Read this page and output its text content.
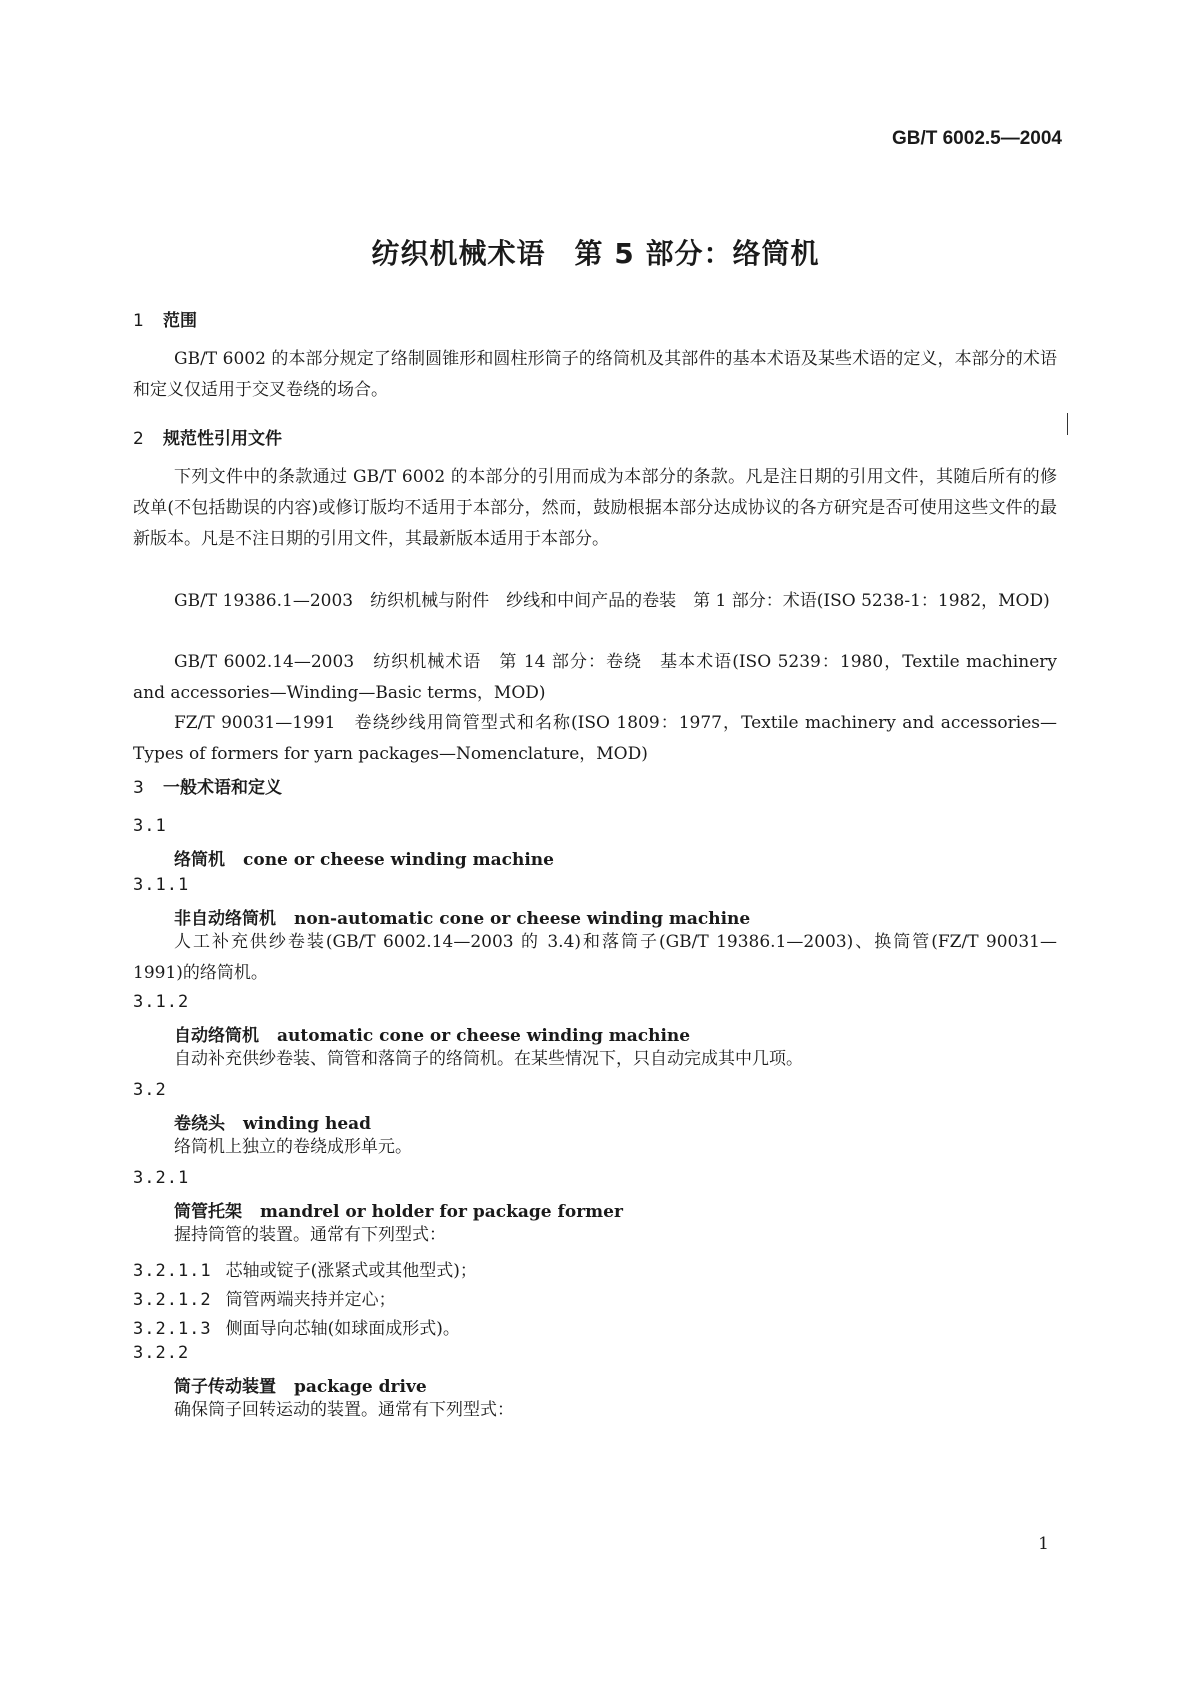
GB/T 6002.5—2004
纺织机械术语　第 5 部分：络筒机
1 范围

GB/T 6002 的本部分规定了络制圆锥形和圆柱形筒子的络筒机及其部件的基本术语及某些术语的定义，本部分的术语和定义仅适用于交叉卷绕的场合。

2 规范性引用文件

下列文件中的条款通过 GB/T 6002 的本部分的引用而成为本部分的条款。凡是注日期的引用文件，其随后所有的修改单(不包括勘误的内容)或修订版均不适用于本部分，然而，鼓励根据本部分达成协议的各方研究是否可使用这些文件的最新版本。凡是不注日期的引用文件，其最新版本适用于本部分。

GB/T 19386.1—2003　纺织机械与附件　纱线和中间产品的卷装　第 1 部分：术语(ISO 5238-1：1982，MOD)

GB/T 6002.14—2003　纺织机械术语　第 14 部分：卷绕　基本术语(ISO 5239：1980，Textile machinery and accessories—Winding—Basic terms，MOD)

FZ/T 90031—1991　卷绕纱线用筒管型式和名称(ISO 1809：1977，Textile machinery and accessories—Types of formers for yarn packages—Nomenclature，MOD)

3 一般术语和定义
3.1
络筒机 cone or cheese winding machine
3.1.1
非自动络筒机 non-automatic cone or cheese winding machine

人工补充供纱卷装(GB/T 6002.14—2003 的 3.4)和落筒子(GB/T 19386.1—2003)、换筒管(FZ/T 90031—1991)的络筒机。

3.1.2
自动络筒机 automatic cone or cheese winding machine

自动补充供纱卷装、筒管和落筒子的络筒机。在某些情况下，只自动完成其中几项。

3.2
卷绕头 winding head

络筒机上独立的卷绕成形单元。

3.2.1
筒管托架 mandrel or holder for package former

握持筒管的装置。通常有下列型式：

3.2.1.1 芯轴或锭子(涨紧式或其他型式)；
3.2.1.2 筒管两端夹持并定心；
3.2.1.3 侧面导向芯轴(如球面成形式)。
3.2.2
筒子传动装置 package drive

确保筒子回转运动的装置。通常有下列型式：

1
